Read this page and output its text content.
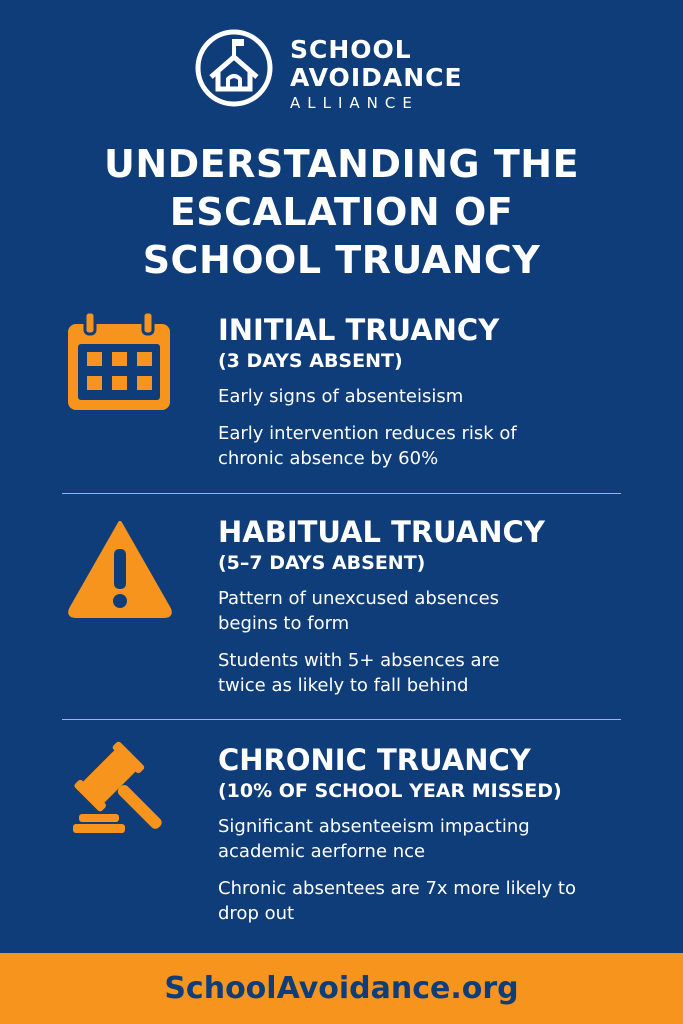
SCHOOL
AVOIDANCE
ALLIANCE
UNDERSTANDING THE
ESCALATION OF
SCHOOL TRUANCY
INITIAL TRUANCY
(3 DAYS ABSENT)
Early signs of absenteisism
Early intervention reduces risk of chronic absence by 60%
HABITUAL TRUANCY
(5–7 DAYS ABSENT)
Pattern of unexcused absences begins to form
Students with 5+ absences are twice as likely to fall behind
CHRONIC TRUANCY
(10% OF SCHOOL YEAR MISSED)
Significant absenteeism impacting academic aerforne nce
Chronic absentees are 7x more likely to drop out
SchoolAvoidance.org
